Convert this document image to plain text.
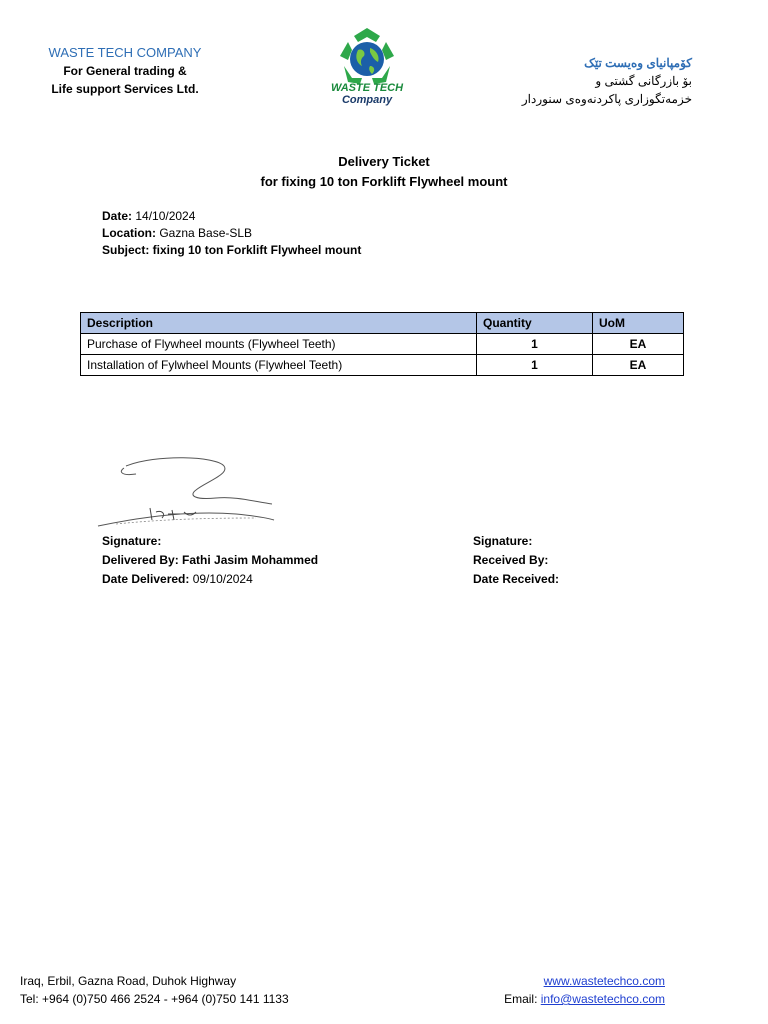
WASTE TECH COMPANY
For General trading &
Life support Services Ltd.	WASTE TECH
Company
کۆمپانیای وەیست تێک
بۆ بازرگانی گشتی و
خزمەتگوزاری پاکردنەوەی سنوردار
Delivery Ticket
for fixing 10 ton Forklift Flywheel mount
Date: 14/10/2024
Location: Gazna Base-SLB
Subject: fixing 10 ton Forklift Flywheel mount
Description	Quantity	UoM
Purchase of Flywheel mounts (Flywheel Teeth)	1	EA
Installation of Fylwheel Mounts (Flywheel Teeth)	1	EA
Signature:
Delivered By: Fathi Jasim Mohammed
Date Delivered: 09/10/2024
Signature:
Received By:
Date Received:
Iraq, Erbil, Gazna Road, Duhok Highway
Tel: +964 (0)750 466 2524 - +964 (0)750 141 1133
www.wastetechco.com
Email: info@wastetechco.com
